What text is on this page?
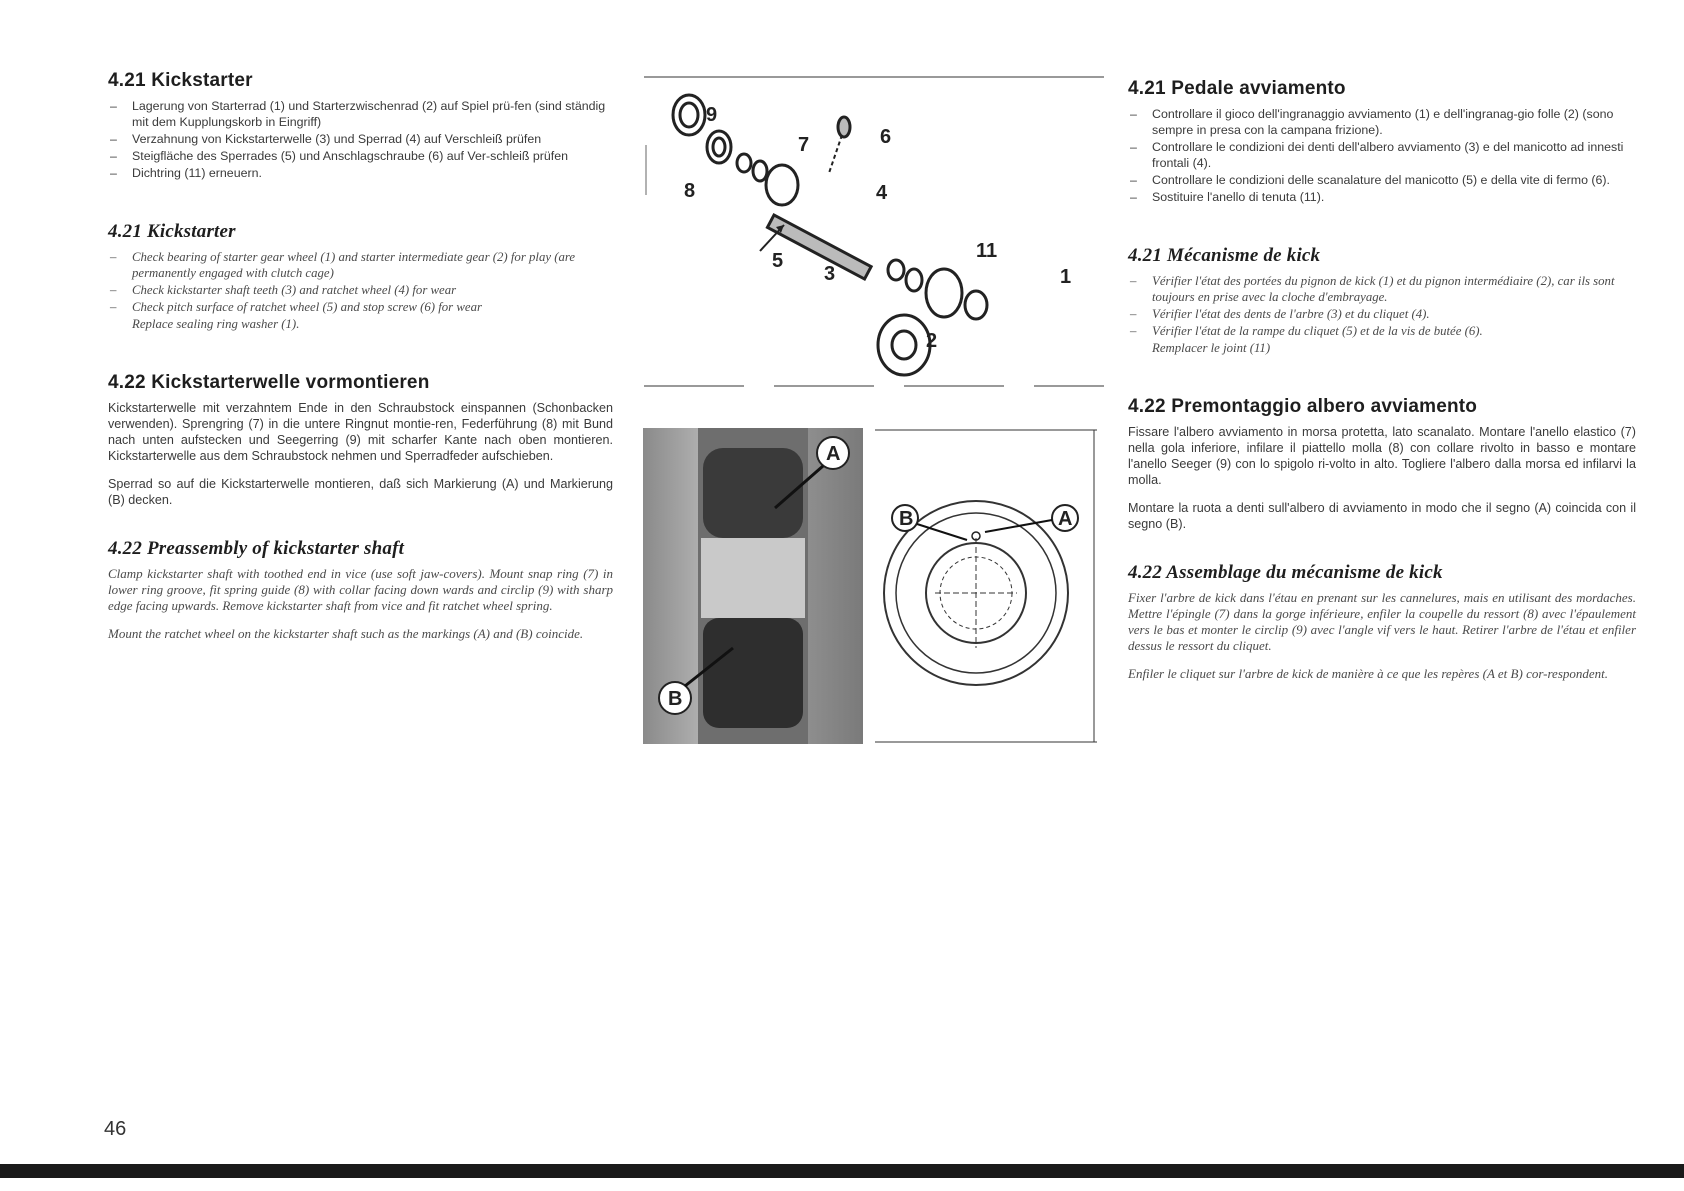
4.21 Kickstarter
– Lagerung von Starterrad (1) und Starterzwischenrad (2) auf Spiel prü-fen (sind ständig mit dem Kupplungskorb in Eingriff)
– Verzahnung von Kickstarterwelle (3) und Sperrad (4) auf Verschleiß prüfen
– Steigfläche des Sperrades (5) und Anschlagschraube (6) auf Ver-schleiß prüfen
– Dichtring (11) erneuern.
4.21 Kickstarter
– Check bearing of starter gear wheel (1) and starter intermediate gear (2) for play (are permanently engaged with clutch cage)
– Check kickstarter shaft teeth (3) and ratchet wheel (4) for wear
– Check pitch surface of ratchet wheel (5) and stop screw (6) for wear
Replace sealing ring washer (1).
4.22 Kickstarterwelle vormontieren

Kickstarterwelle mit verzahntem Ende in den Schraubstock einspannen (Schonbacken verwenden). Sprengring (7) in die untere Ringnut montie-ren, Federführung (8) mit Bund nach unten aufstecken und Seegerring (9) mit scharfer Kante nach oben montieren. Kickstarterwelle aus dem Schraubstock nehmen und Sperradfeder aufschieben.

Sperrad so auf die Kickstarterwelle montieren, daß sich Markierung (A) und Markierung (B) decken.

4.22 Preassembly of kickstarter shaft

Clamp kickstarter shaft with toothed end in vice (use soft jaw-covers). Mount snap ring (7) in lower ring groove, fit spring guide (8) with collar facing down wards and circlip (9) with sharp edge facing upwards. Remove kickstarter shaft from vice and fit ratchet wheel spring.

Mount the ratchet wheel on the kickstarter shaft such as the markings (A) and (B) coincide.

9
7	6
8	4
5
3
11
1
2
A
B
B	A
4.21 Pedale avviamento
– Controllare il gioco dell'ingranaggio avviamento (1) e dell'ingranag-gio folle (2) (sono sempre in presa con la campana frizione).
– Controllare le condizioni dei denti dell'albero avviamento (3) e del manicotto ad innesti frontali (4).
– Controllare le condizioni delle scanalature del manicotto (5) e della vite di fermo (6).
– Sostituire l'anello di tenuta (11).
4.21 Mécanisme de kick
– Vérifier l'état des portées du pignon de kick (1) et du pignon intermédiaire (2), car ils sont toujours en prise avec la cloche d'embrayage.
– Vérifier l'état des dents de l'arbre (3) et du cliquet (4).
– Vérifier l'état de la rampe du cliquet (5) et de la vis de butée (6).
Remplacer le joint (11)
4.22 Premontaggio albero avviamento

Fissare l'albero avviamento in morsa protetta, lato scanalato. Montare l'anello elastico (7) nella gola inferiore, infilare il piattello molla (8) con collare rivolto in basso e montare l'anello Seeger (9) con lo spigolo ri-volto in alto. Togliere l'albero dalla morsa ed infilarvi la molla.

Montare la ruota a denti sull'albero di avviamento in modo che il segno (A) coincida con il segno (B).

4.22 Assemblage du mécanisme de kick

Fixer l'arbre de kick dans l'étau en prenant sur les cannelures, mais en utilisant des mordaches. Mettre l'épingle (7) dans la gorge inférieure, enfiler la coupelle du ressort (8) avec l'épaulement vers le bas et monter le circlip (9) avec l'angle vif vers le haut. Retirer l'arbre de l'étau et enfiler dessus le ressort du cliquet.

Enfiler le cliquet sur l'arbre de kick de manière à ce que les repères (A et B) cor-respondent.

46
